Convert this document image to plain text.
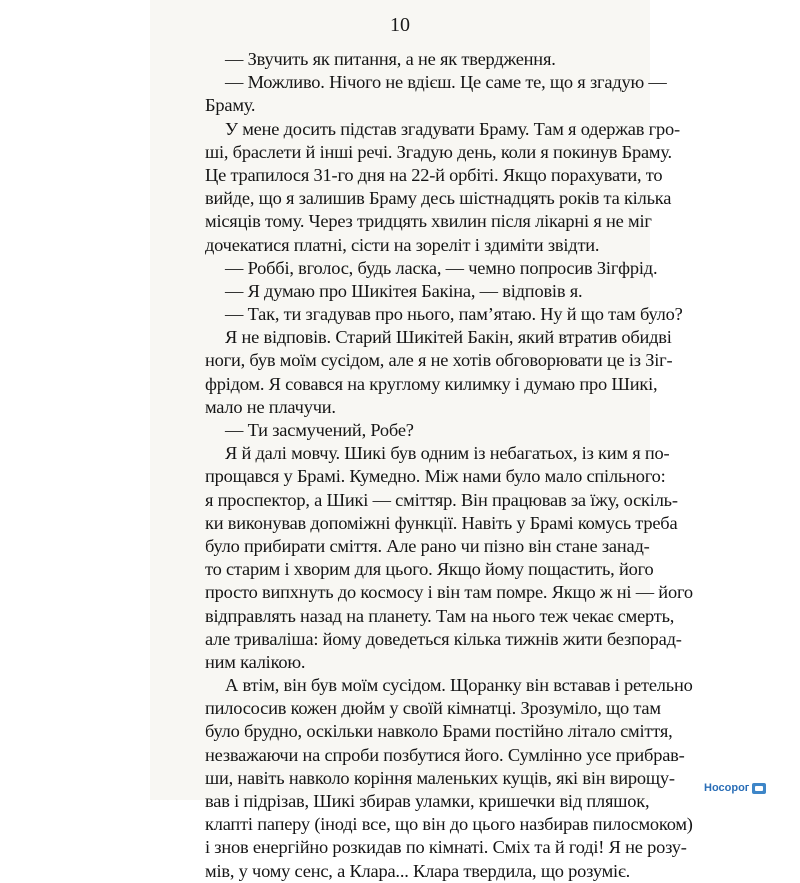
10
— Звучить як питання, а не як твердження.
— Можливо. Нічого не вдієш. Це саме те, що я згадую —
Браму.
У мене досить підстав згадувати Браму. Там я одержав гро-
ші, браслети й інші речі. Згадую день, коли я покинув Браму.
Це трапилося 31-го дня на 22-й орбіті. Якщо порахувати, то
вийде, що я залишив Браму десь шістнадцять років та кілька
місяців тому. Через тридцять хвилин після лікарні я не міг
дочекатися платні, сісти на зореліт і здиміти звідти.
— Роббі, вголос, будь ласка, — чемно попросив Зігфрід.
— Я думаю про Шикітея Бакіна, — відповів я.
— Так, ти згадував про нього, пам’ятаю. Ну й що там було?
Я не відповів. Старий Шикітей Бакін, який втратив обидві
ноги, був моїм сусідом, але я не хотів обговорювати це із Зіг-
фрідом. Я совався на круглому килимку і думаю про Шикі,
мало не плачучи.
— Ти засмучений, Робе?
Я й далі мовчу. Шикі був одним із небагатьох, із ким я по-
прощався у Брамі. Кумедно. Між нами було мало спільного:
я проспектор, а Шикі — сміттяр. Він працював за їжу, оскіль-
ки виконував допоміжні функції. Навіть у Брамі комусь треба
було прибирати сміття. Але рано чи пізно він стане занад-
то старим і хворим для цього. Якщо йому пощастить, його
просто випхнуть до космосу і він там помре. Якщо ж ні — його
відправлять назад на планету. Там на нього теж чекає смерть,
але триваліша: йому доведеться кілька тижнів жити безпорад-
ним калікою.
А втім, він був моїм сусідом. Щоранку він вставав і ретельно
пилососив кожен дюйм у своїй кімнатці. Зрозуміло, що там
було брудно, оскільки навколо Брами постійно літало сміття,
незважаючи на спроби позбутися його. Сумлінно усе прибрав-
ши, навіть навколо коріння маленьких кущів, які він вирощу-
вав і підрізав, Шикі збирав уламки, кришечки від пляшок,
клапті паперу (іноді все, що він до цього назбирав пилосмоком)
і знов енергійно розкидав по кімнаті. Сміх та й годі! Я не розу-
мів, у чому сенс, а Клара... Клара твердила, що розуміє.
Носорог
